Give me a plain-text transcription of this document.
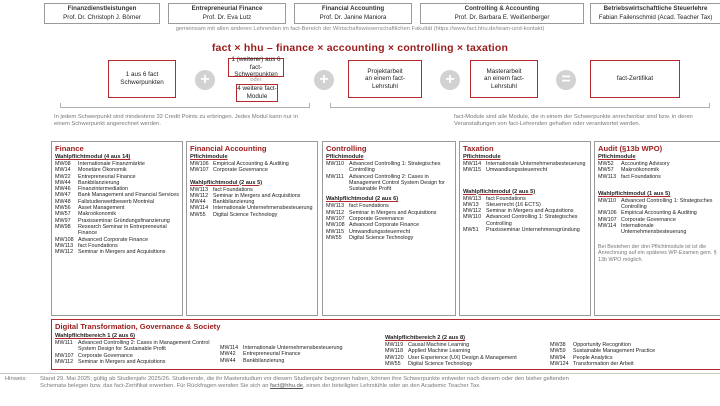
Finanzdienstleistungen
Prof. Dr. Christoph J. Börner
Entrepreneurial Finance
Prof. Dr. Eva Lutz
Financial Accounting
Prof. Dr. Janine Maniora
Controlling & Accounting
Prof. Dr. Barbara E. Weißenberger
Betriebswirtschaftliche Steuerlehre
Fabian Failenschmid (Acad. Teacher Tax)
gemeinsam mit allen anderen Lehrenden im fact-Bereich der Wirtschaftswissenschaftlichen Fakultät (https://www.fact.hhu.de/team-und-kontakt)
fact × hhu – finance × accounting × controlling × taxation
1 aus 6 fact Schwerpunkten	+
1 (weiterer) aus 6 fact-Schwerpunkten
oder
4 weitere fact-Module
+	Projektarbeit an einem fact-Lehrstuhl	+	Masterarbeit an einem fact-Lehrstuhl	=	fact-Zertifikat
In jedem Schwerpunkt sind mindestens 32 Credit Points zu erbringen. Jedes Modul kann nur in einem Schwerpunkt angerechnet werden.
fact-Module sind alle Module, die in einem der Schwerpunkte anrechenbar sind bzw. in deren Veranstaltungen von fact-Lehrenden gehalten oder verantwortet werden.
Finance
Wahlpflichtmodul (4 aus 14)
MW08	Internationale Finanzmärkte
MW14	Monetäre Ökonomik
MW22	Entrepreneurial Finance
MW44	Bankbilanzierung
MW46	Finanzintermediation
MW47	Bank Management and Financial Services
MW48	Fallstudienwettbewerb Montréal
MW56	Asset Management
MW57	Makroökonomik
MW97	Praxisseminar Gründungsfinanzierung
MW98	Research Seminar in Entrepreneurial Finance
MW108 Advanced Corporate Finance
MW113 fact Foundations
MW112 Seminar in Mergers and Acquisitions
Financial Accounting
Pflichtmodule
MW106 Empirical Accounting & Auditing
MW107 Corporate Governance
Wahlpflichtmodul (2 aus 5)
MW113 fact Foundations
MW112 Seminar in Mergers and Acquisitions
MW44	Bankbilanzierung
MW114 Internationale Unternehmensbesteuerung
MW55	Digital Science Technology
Controlling
Pflichtmodule
MW110 Advanced Controlling 1: Strategisches Controlling
MW111 Advanced Controlling 2: Cases in Management Control System Design for Sustainable Profit
Wahlpflichtmodul (2 aus 6)
MW113 fact Foundations
MW112 Seminar in Mergers and Acquisitions
MW107 Corporate Governance
MW108 Advanced Corporate Finance
MW115 Umwandlungssteuerrecht
MW55	Digital Science Technology
Taxation
Pflichtmodule
MW114 Internationale Unternehmensbesteuerung
MW115 Umwandlungssteuerrecht
Wahlpflichtmodul (2 aus 5)
MW113 fact Foundations
MW13	Steuerrecht (16 ECTS)
MW112 Seminar in Mergers and Acquisitions
MW110 Advanced Controlling 1: Strategisches Controlling
MW51	Praxisseminar Unternehmensgründung
Audit (§13b WPO)
Pflichtmodule
MW52	Accounting Advisory
MW57	Makroökonomik
MW113 fact Foundations
Wahlpflichtmodul (1 aus 5)
MW110 Advanced Controlling 1: Strategisches Controlling
MW106 Empirical Accounting & Auditing
MW107 Corporate Governance
MW114 Internationale Unternehmensbesteuerung
Bei Bestehen der drei Pflichtmodule ist ist die Anrechnung auf ein späteres WP-Examen gem. § 13b WPO möglich.
Digital Transformation, Governance & Society
Wahlpflichtbereich 1 (2 aus 6)
MW111 Advanced Controlling 2: Cases in Management Control System Design for Sustainable Profit
MW107 Corporate Governance
MW112 Seminar in Mergers and Acquisitions
MW114 Internationale Unternehmensbesteuerung
MW42	Entrepreneurial Finance
MW44	Bankbilanzierung
Wahlpflichtbereich 2 (2 aus 8)
MW119 Causal Machine Learning
MW118 Applied Machine Learning
MW120 User Experience (UX) Design & Management
MW55	Digital Science Technology
MW38	Opportunity Recognition
MW59	Sustainable Management Practice
MW94	People Analytics
MW124 Transformation der Arbeit
Hinweis:	Stand 29. Mai 2025; gültig ab Studienjahr 2025/26. Studierende, die ihr Masterstudium vor diesem Studienjahr begonnen haben, können ihre Schwerpunkte entweder nach diesem oder den bisher geltenden
Schemata belegen bzw. das fact-Zertifikat erwerben. Für Rückfragen wenden Sie sich an fact@hhu.de, einen der beteiligten Lehrstühle oder an den Academic Teacher Tax.
